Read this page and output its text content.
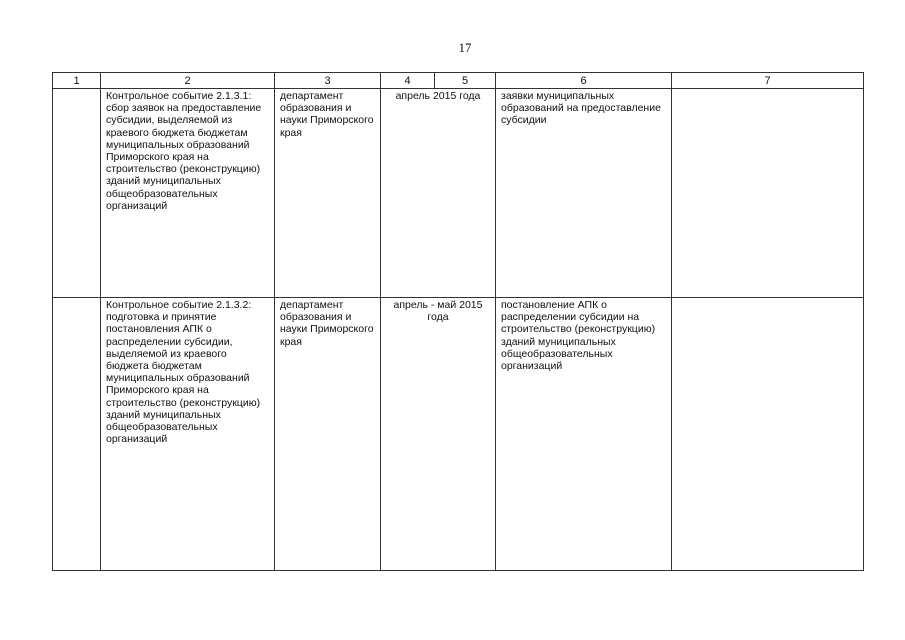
17
1	2	3	4	5	6	7

	Контрольное событие 2.1.3.1: сбор заявок на предоставление субсидии, выделяемой из краевого бюджета бюджетам муниципальных образований Приморского края на строительство (реконструкцию) зданий муниципальных общеобразовательных организаций	департамент образования и науки Приморского края	апрель 2015 года		заявки муниципальных образований на предоставление субсидии	

	Контрольное событие 2.1.3.2: подготовка и принятие постановления АПК о распределении субсидии, выделяемой из краевого бюджета бюджетам муниципальных образований Приморского края на строительство (реконструкцию) зданий муниципальных общеобразовательных организаций	департамент образования и науки Приморского края	апрель - май 2015 года		постановление АПК о распределении субсидии на строительство (реконструкцию) зданий муниципальных общеобразовательных организаций	
